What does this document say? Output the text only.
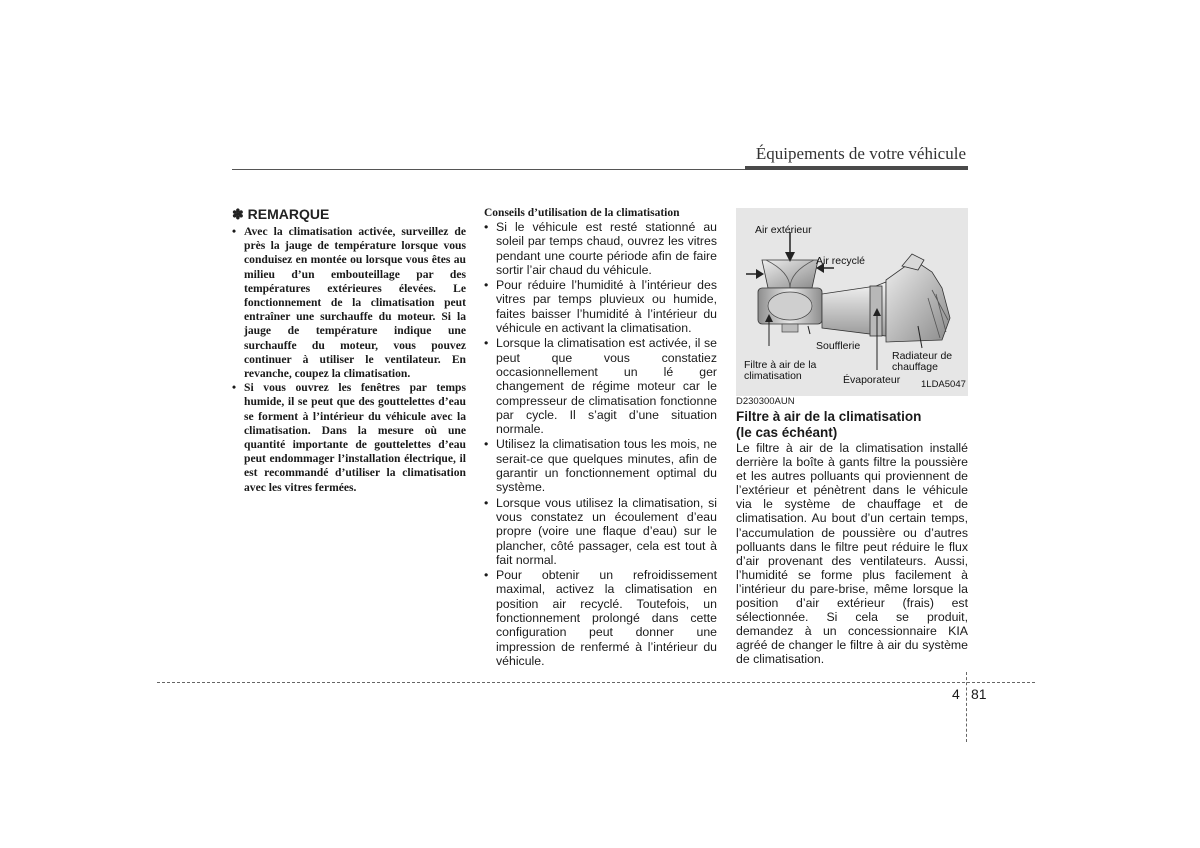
Équipements de votre véhicule
✽ REMARQUE
• Avec la climatisation activée, surveillez de près la jauge de température lorsque vous conduisez en montée ou lorsque vous êtes au milieu d’un embouteillage par des températures extérieures élevées. Le fonctionnement de la climatisation peut entraîner une surchauffe du moteur. Si la jauge de température indique une surchauffe du moteur, vous pouvez continuer à utiliser le ventilateur. En revanche, coupez la climatisation.
• Si vous ouvrez les fenêtres par temps humide, il se peut que des gouttelettes d’eau se forment à l’intérieur du véhicule avec la climatisation. Dans la mesure où une quantité importante de gouttelettes d’eau peut endommager l’installation électrique, il est recommandé d’utiliser la climatisation avec les vitres fermées.
Conseils d’utilisation de la climatisation
• Si le véhicule est resté stationné au soleil par temps chaud, ouvrez les vitres pendant une courte période afin de faire sortir l’air chaud du véhicule.
• Pour réduire l’humidité à l’intérieur des vitres par temps pluvieux ou humide, faites baisser l’humidité à l’intérieur du véhicule en activant la climatisation.
• Lorsque la climatisation est activée, il se peut que vous constatiez occasionnellement un lé ger changement de régime moteur car le compresseur de climatisation fonctionne par cycle. Il s’agit d’une situation normale.
• Utilisez la climatisation tous les mois, ne serait-ce que quelques minutes, afin de garantir un fonctionnement optimal du système.
• Lorsque vous utilisez la climatisation, si vous constatez un écoulement d’eau propre (voire une flaque d’eau) sur le plancher, côté passager, cela est tout à fait normal.
• Pour obtenir un refroidissement maximal, activez la climatisation en position air recyclé. Toutefois, un fonctionnement prolongé dans cette configuration peut donner une impression de renfermé à l’intérieur du véhicule.
Air extérieur
Air recyclé
Soufflerie
Filtre à air de la
climatisation
Radiateur de
chauffage
Évaporateur 1LDA5047
D230300AUN
Filtre à air de la climatisation
(le cas échéant)

Le filtre à air de la climatisation installé derrière la boîte à gants filtre la poussière et les autres polluants qui proviennent de l’extérieur et pénètrent dans le véhicule via le système de chauffage et de climatisation. Au bout d’un certain temps, l’accumulation de poussière ou d’autres polluants dans le filtre peut réduire le flux d’air provenant des ventilateurs. Aussi, l’humidité se forme plus facilement à l’intérieur du pare-brise, même lorsque la position d’air extérieur (frais) est sélectionnée. Si cela se produit, demandez à un concessionnaire KIA agréé de changer le filtre à air du système de climatisation.

4 81
